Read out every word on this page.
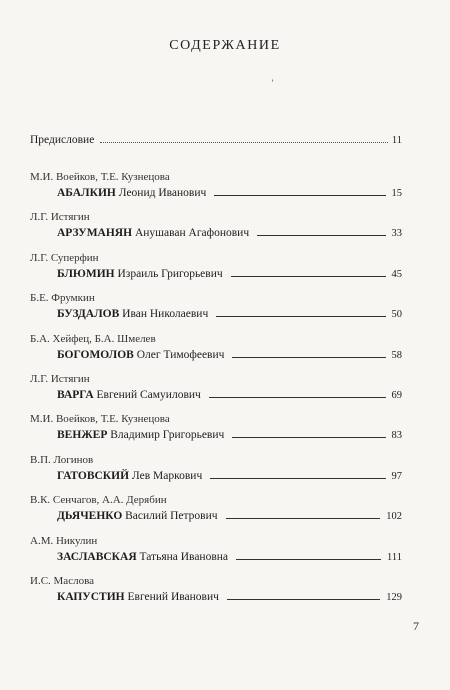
СОДЕРЖАНИЕ
ʼ
Предисловие	11
М.И. Воейков, Т.Е. Кузнецова
АБАЛКИН Леонид Иванович	15
Л.Г. Истягин
АРЗУМАНЯН Анушаван Агафонович	33
Л.Г. Суперфин
БЛЮМИН Израиль Григорьевич	45
Б.Е. Фрумкин
БУЗДАЛОВ Иван Николаевич	50
Б.А. Хейфец, Б.А. Шмелев
БОГОМОЛОВ Олег Тимофеевич	58
Л.Г. Истягин
ВАРГА Евгений Самуилович	69
М.И. Воейков, Т.Е. Кузнецова
ВЕНЖЕР Владимир Григорьевич	83
В.П. Логинов
ГАТОВСКИЙ Лев Маркович	97
В.К. Сенчагов, А.А. Дерябин
ДЬЯЧЕНКО Василий Петрович	102
А.М. Никулин
ЗАСЛАВСКАЯ Татьяна Ивановна	111
И.С. Маслова
КАПУСТИН Евгений Иванович	129
7
